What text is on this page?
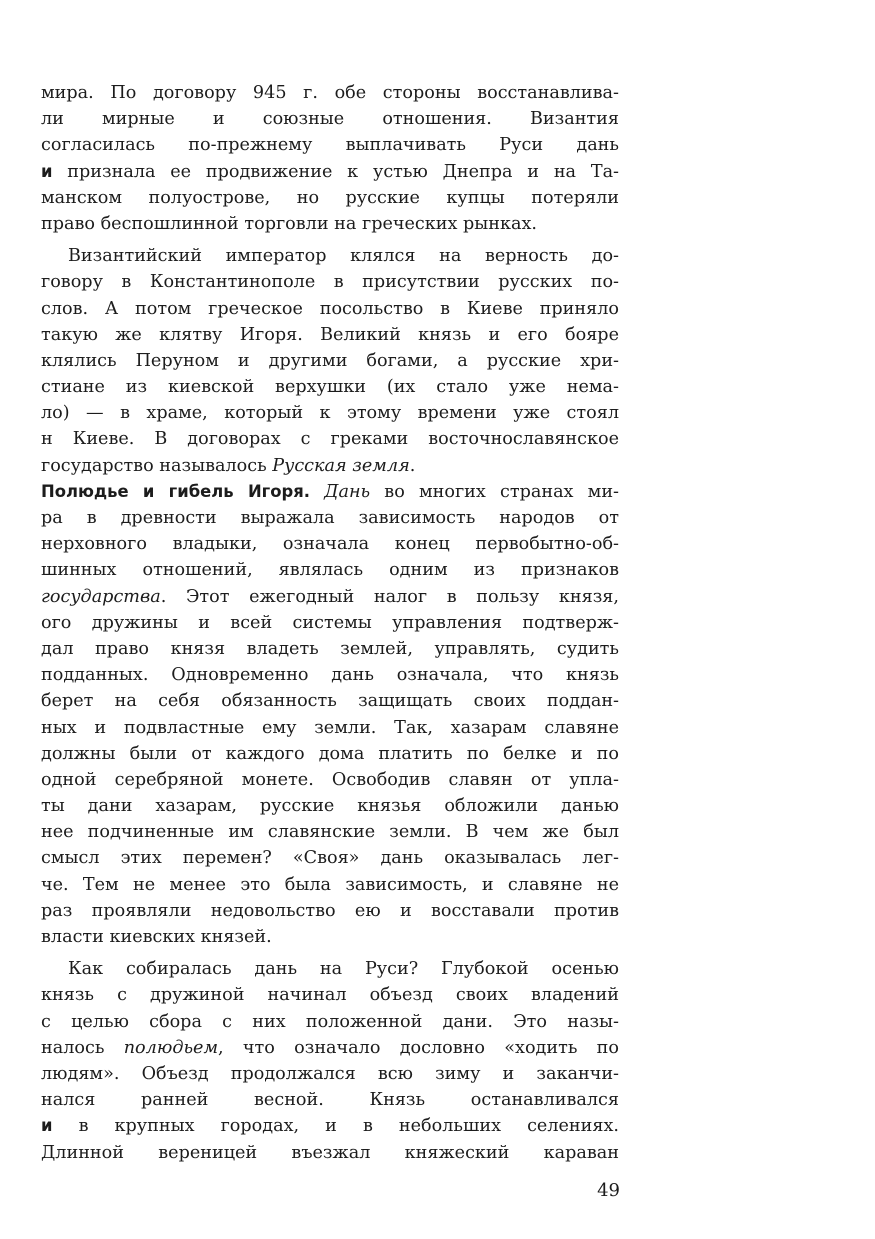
мира. По договору 945 г. обе стороны восстанавлива-
ли мирные и союзные отношения. Византия
согласилась по-прежнему выплачивать Руси дань
и признала ее продвижение к устью Днепра и на Та-
манском полуострове, но русские купцы потеряли
право беспошлинной торговли на греческих рынках.
Византийский император клялся на верность до-
говору в Константинополе в присутствии русских по-
слов. А потом греческое посольство в Киеве приняло
такую же клятву Игоря. Великий князь и его бояре
клялись Перуном и другими богами, а русские хри-
стиане из киевской верхушки (их стало уже нема-
ло) — в храме, который к этому времени уже стоял
н Киеве. В договорах с греками восточнославянское
государство называлось Русская земля.
Полюдье и гибель Игоря. Дань во многих странах ми-
ра в древности выражала зависимость народов от
нерховного владыки, означала конец первобытно-об-
шинных отношений, являлась одним из признаков
государства. Этот ежегодный налог в пользу князя,
ого дружины и всей системы управления подтверж-
дал право князя владеть землей, управлять, судить
подданных. Одновременно дань означала, что князь
берет на себя обязанность защищать своих поддан-
ных и подвластные ему земли. Так, хазарам славяне
должны были от каждого дома платить по белке и по
одной серебряной монете. Освободив славян от упла-
ты дани хазарам, русские князья обложили данью
нее подчиненные им славянские земли. В чем же был
смысл этих перемен? «Своя» дань оказывалась лег-
че. Тем не менее это была зависимость, и славяне не
раз проявляли недовольство ею и восставали против
власти киевских князей.
Как собиралась дань на Руси? Глубокой осенью
князь с дружиной начинал объезд своих владений
с целью сбора с них положенной дани. Это назы-
налось полюдьем, что означало дословно «ходить по
людям». Объезд продолжался всю зиму и заканчи-
нался ранней весной. Князь останавливался
и в крупных городах, и в небольших селениях.
Длинной вереницей въезжал княжеский караван
49
